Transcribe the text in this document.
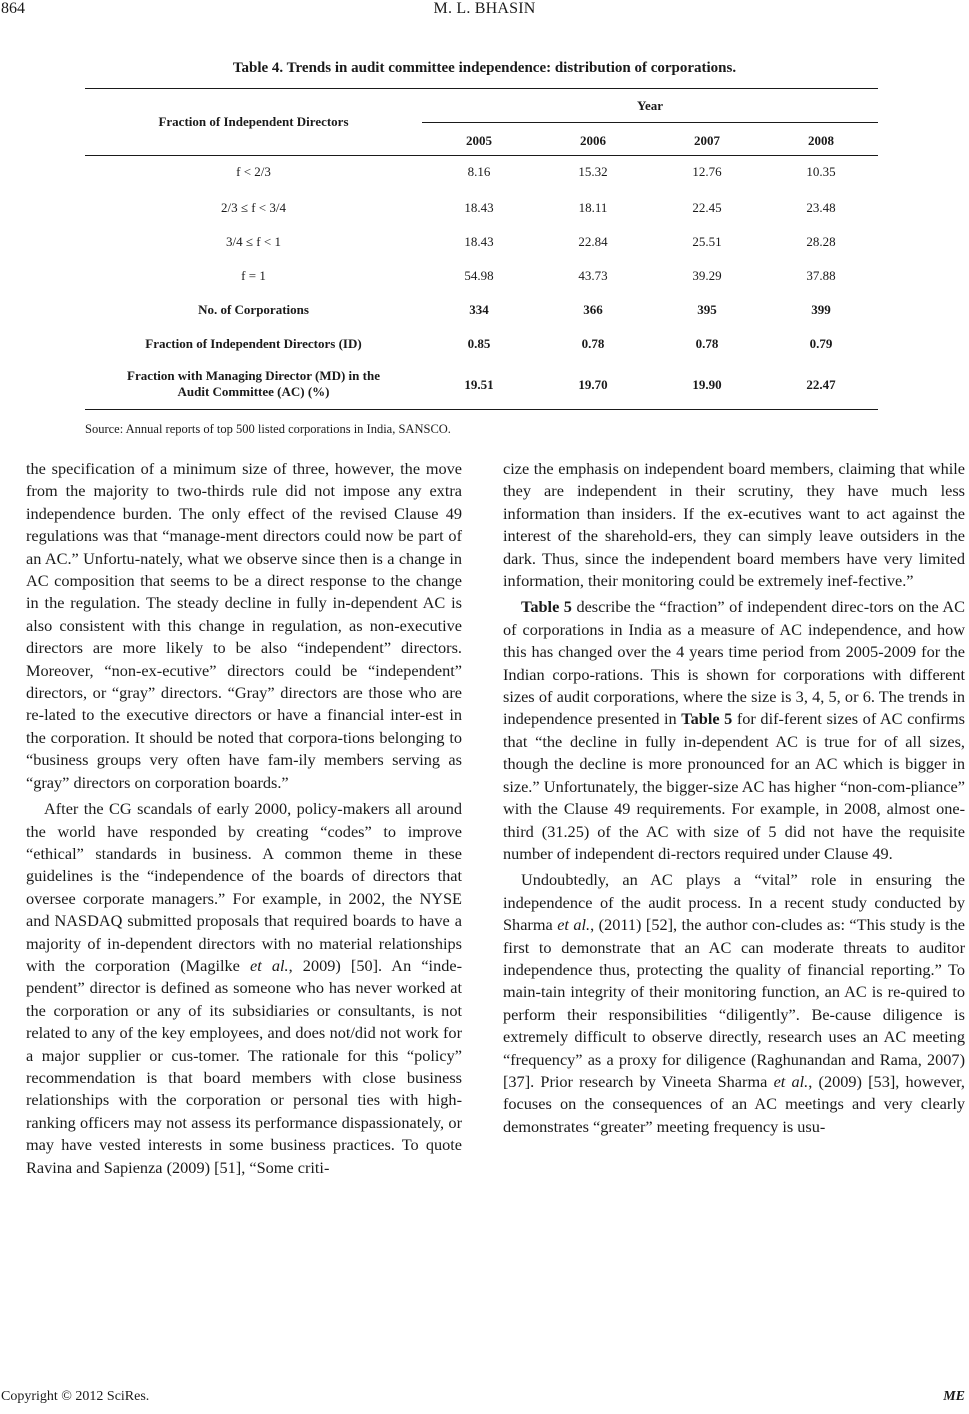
864	M. L. BHASIN
Table 4. Trends in audit committee independence: distribution of corporations.
Fraction of Independent Directors
Year
2005	2006	2007	2008
f < 2/3	8.16	15.32	12.76	10.35
2/3 ≤ f < 3/4	18.43	18.11	22.45	23.48
3/4 ≤ f < 1	18.43	22.84	25.51	28.28
f = 1	54.98	43.73	39.29	37.88
No. of Corporations	334	366	395	399
Fraction of Independent Directors (ID)	0.85	0.78	0.78	0.79
Fraction with Managing Director (MD) in the
Audit Committee (AC) (%)	19.51	19.70	19.90	22.47
Source: Annual reports of top 500 listed corporations in India, SANSCO.

the specification of a minimum size of three, however, the move from the majority to two-thirds rule did not impose any extra independence burden. The only effect of the revised Clause 49 regulations was that “manage-ment directors could now be part of an AC.” Unfortu-nately, what we observe since then is a change in AC composition that seems to be a direct response to the change in the regulation. The steady decline in fully in-dependent AC is also consistent with this change in regulation, as non-executive directors are more likely to be also “independent” directors. Moreover, “non-ex-ecutive” directors could be “independent” directors, or “gray” directors. “Gray” directors are those who are re-lated to the executive directors or have a financial inter-est in the corporation. It should be noted that corpora-tions belonging to “business groups very often have fam-ily members serving as “gray” directors on corporation boards.”

After the CG scandals of early 2000, policy-makers all around the world have responded by creating “codes” to improve “ethical” standards in business. A common theme in these guidelines is the “independence of the boards of directors that oversee corporate managers.” For example, in 2002, the NYSE and NASDAQ submitted proposals that required boards to have a majority of in-dependent directors with no material relationships with the corporation (Magilke et al., 2009) [50]. An “inde-pendent” director is defined as someone who has never worked at the corporation or any of its subsidiaries or consultants, is not related to any of the key employees, and does not/did not work for a major supplier or cus-tomer. The rationale for this “policy” recommendation is that board members with close business relationships with the corporation or personal ties with high-ranking officers may not assess its performance dispassionately, or may have vested interests in some business practices. To quote Ravina and Sapienza (2009) [51], “Some criti-

cize the emphasis on independent board members, claiming that while they are independent in their scrutiny, they have much less information than insiders. If the ex-ecutives want to act against the interest of the sharehold-ers, they can simply leave outsiders in the dark. Thus, since the independent board members have very limited information, their monitoring could be extremely inef-fective.”

Table 5 describe the “fraction” of independent direc-tors on the AC of corporations in India as a measure of AC independence, and how this has changed over the 4 years time period from 2005-2009 for the Indian corpo-rations. This is shown for corporations with different sizes of audit corporations, where the size is 3, 4, 5, or 6. The trends in independence presented in Table 5 for dif-ferent sizes of AC confirms that “the decline in fully in-dependent AC is true for of all sizes, though the decline is more pronounced for an AC which is bigger in size.” Unfortunately, the bigger-size AC has higher “non-com-pliance” with the Clause 49 requirements. For example, in 2008, almost one-third (31.25) of the AC with size of 5 did not have the requisite number of independent di-rectors required under Clause 49.

Undoubtedly, an AC plays a “vital” role in ensuring the independence of the audit process. In a recent study conducted by Sharma et al., (2011) [52], the author con-cludes as: “This study is the first to demonstrate that an AC can moderate threats to auditor independence thus, protecting the quality of financial reporting.” To main-tain integrity of their monitoring function, an AC is re-quired to perform their responsibilities “diligently”. Be-cause diligence is extremely difficult to observe directly, research uses an AC meeting “frequency” as a proxy for diligence (Raghunandan and Rama, 2007) [37]. Prior research by Vineeta Sharma et al., (2009) [53], however, focuses on the consequences of an AC meetings and very clearly demonstrates “greater” meeting frequency is usu-

Copyright © 2012 SciRes.	ME
